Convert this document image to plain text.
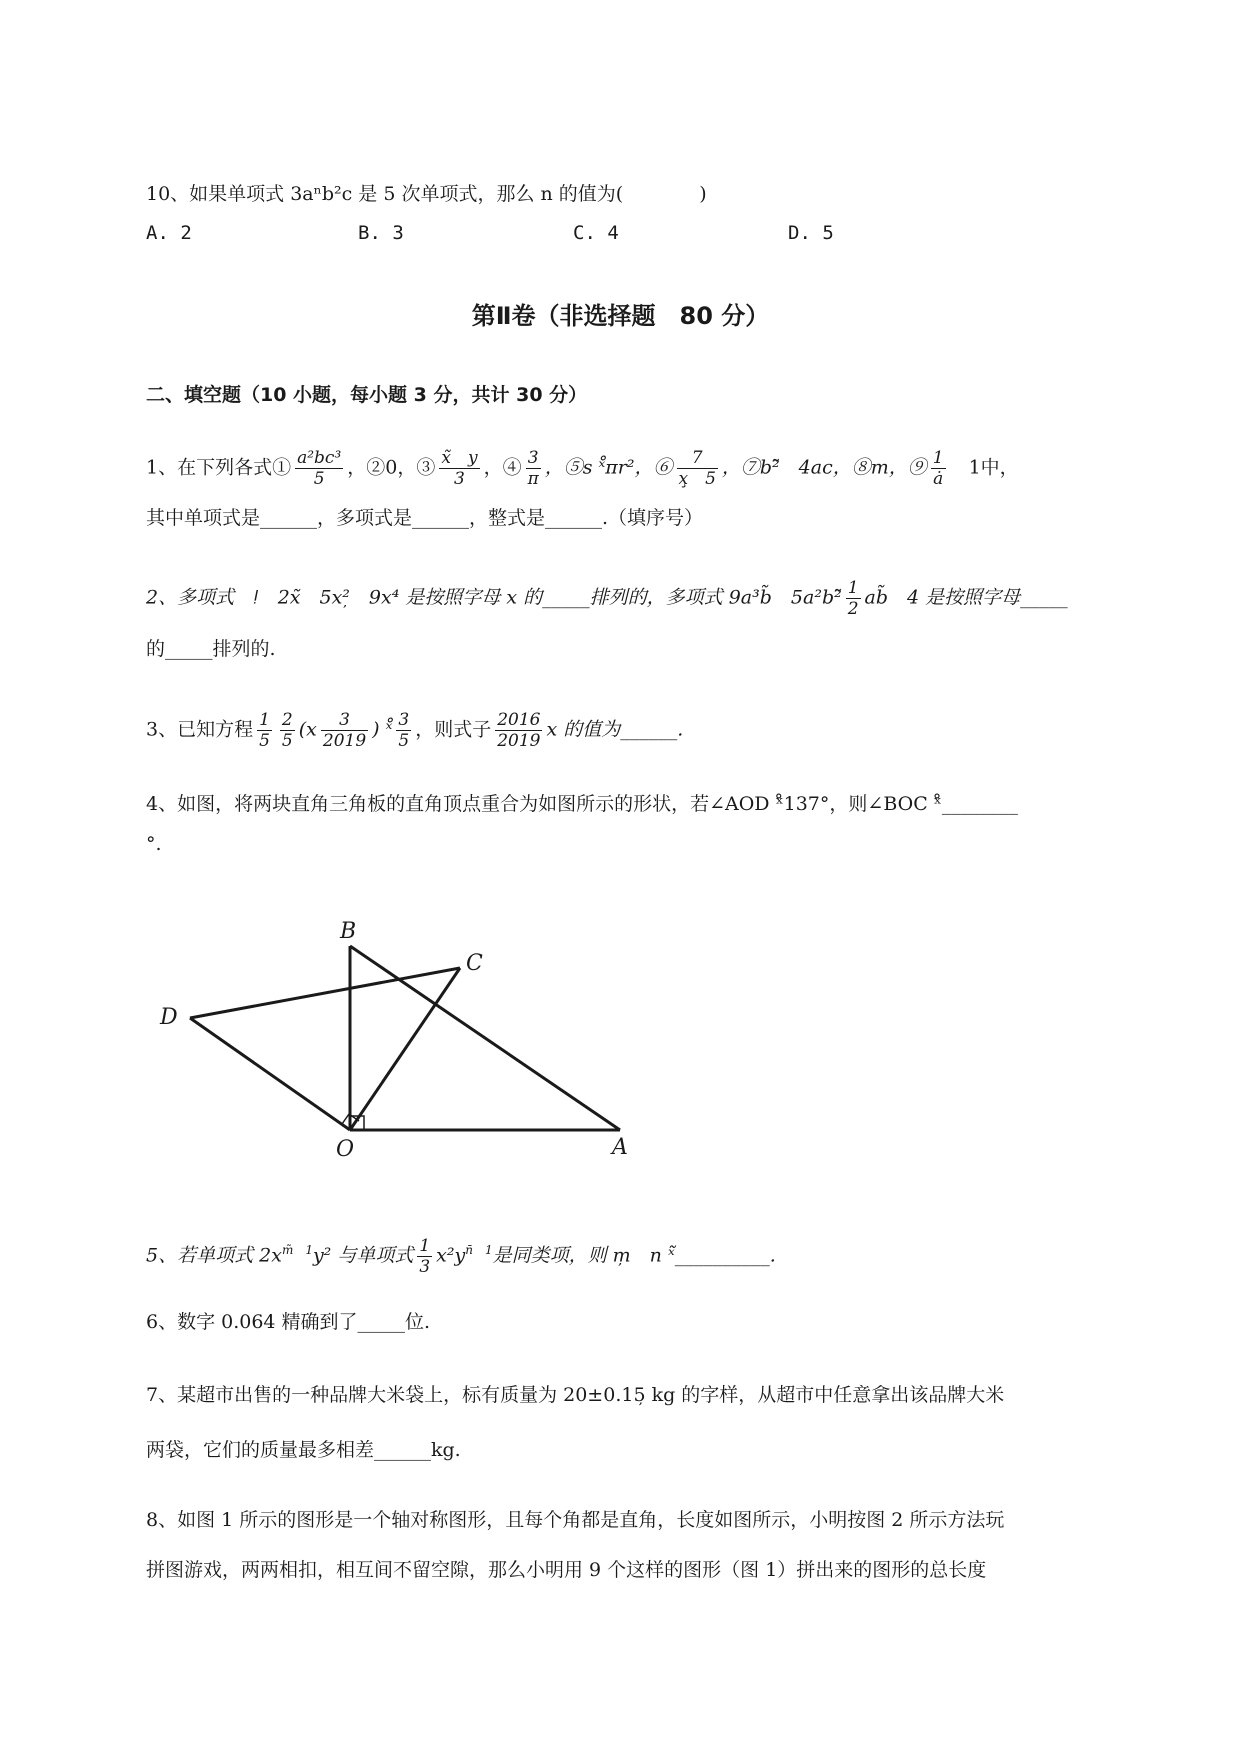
10、如果单项式 3aⁿb²c 是 5 次单项式，那么 n 的值为(　　　　)
A. 2	B. 3	C. 4	D. 5
第Ⅱ卷（非选择题　80 分）
二、填空题（10 小题，每小题 3 分，共计 30 分）
1、在下列各式① $\frac{\text{a²bc³}}{5}$ ，②0，③ $\frac{x̃ y}{3}$ ，④ $\frac{3}{\pi}$ ，⑤s ˣ̊πr²，⑥ $\frac{7}{x̧ 5}$ ，⑦b²̃　4ac，⑧m，⑨ $\frac{1}{ȧ}$ 　1中，
其中单项式是______，多项式是______，整式是______.（填序号）
2、多项式　ǃ　2x̃　5x²̦　9x⁴ 是按照字母 x 的_____排列的，多项式 9a³b̃　5a²b²̃ $\frac{1}{2}$ ab̃　4 是按照字母_____
的_____排列的.
3、已知方程 $\frac{1}{5} \frac{2}{5} (x \frac{3}{2019}$ ) ˣ̊ $\frac{3}{5}$ ，则式子 $\frac{2016}{2019}$ x 的值为______.
4、如图，将两块直角三角板的直角顶点重合为如图所示的形状，若∠AOD ˣ̊137°，则∠BOC ˣ̊________
°.
B
C
D
O	A
5、若单项式 $2x^{m̃ 1}y^2$ 与单项式 $\frac{1}{3} x^2y^{n̄ 1}$是同类项，则 m̦　n ˣ̃__________.
6、数字 0.064 精确到了_____位.
7、某超市出售的一种品牌大米袋上，标有质量为 20±0.15̦ kg 的字样，从超市中任意拿出该品牌大米
两袋，它们的质量最多相差______kg.
8、如图 1 所示的图形是一个轴对称图形，且每个角都是直角，长度如图所示，小明按图 2 所示方法玩
拼图游戏，两两相扣，相互间不留空隙，那么小明用 9 个这样的图形（图 1）拼出来的图形的总长度
